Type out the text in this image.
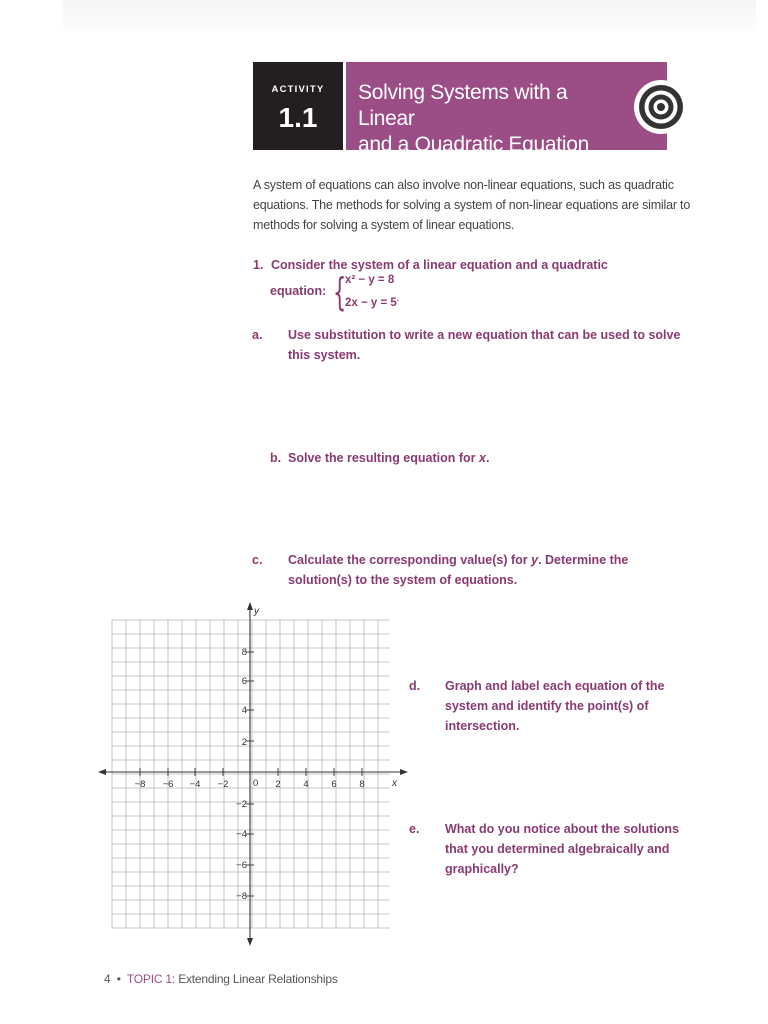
ACTIVITY
1.1
Solving Systems with a Linear
and a Quadratic Equation
A system of equations can also involve non-linear equations, such as quadratic equations. The methods for solving a system of non-linear equations are similar to methods for solving a system of linear equations.
1. Consider the system of a linear equation and a quadratic
equation: {
x² − y = 8
2x − y = 5.
a. Use substitution to write a new equation that can be used to solve this system.
b. Solve the resulting equation for x.
c. Calculate the corresponding value(s) for y. Determine the solution(s) to the system of equations.
d. Graph and label each equation of the system and identify the point(s) of intersection.
e. What do you notice about the solutions that you determined algebraically and graphically?
y
x
0
−8 −6 −4 −2	2 4 6 8
8
6
4
2
−2
−4
−6
−8
4 • TOPIC 1: Extending Linear Relationships
